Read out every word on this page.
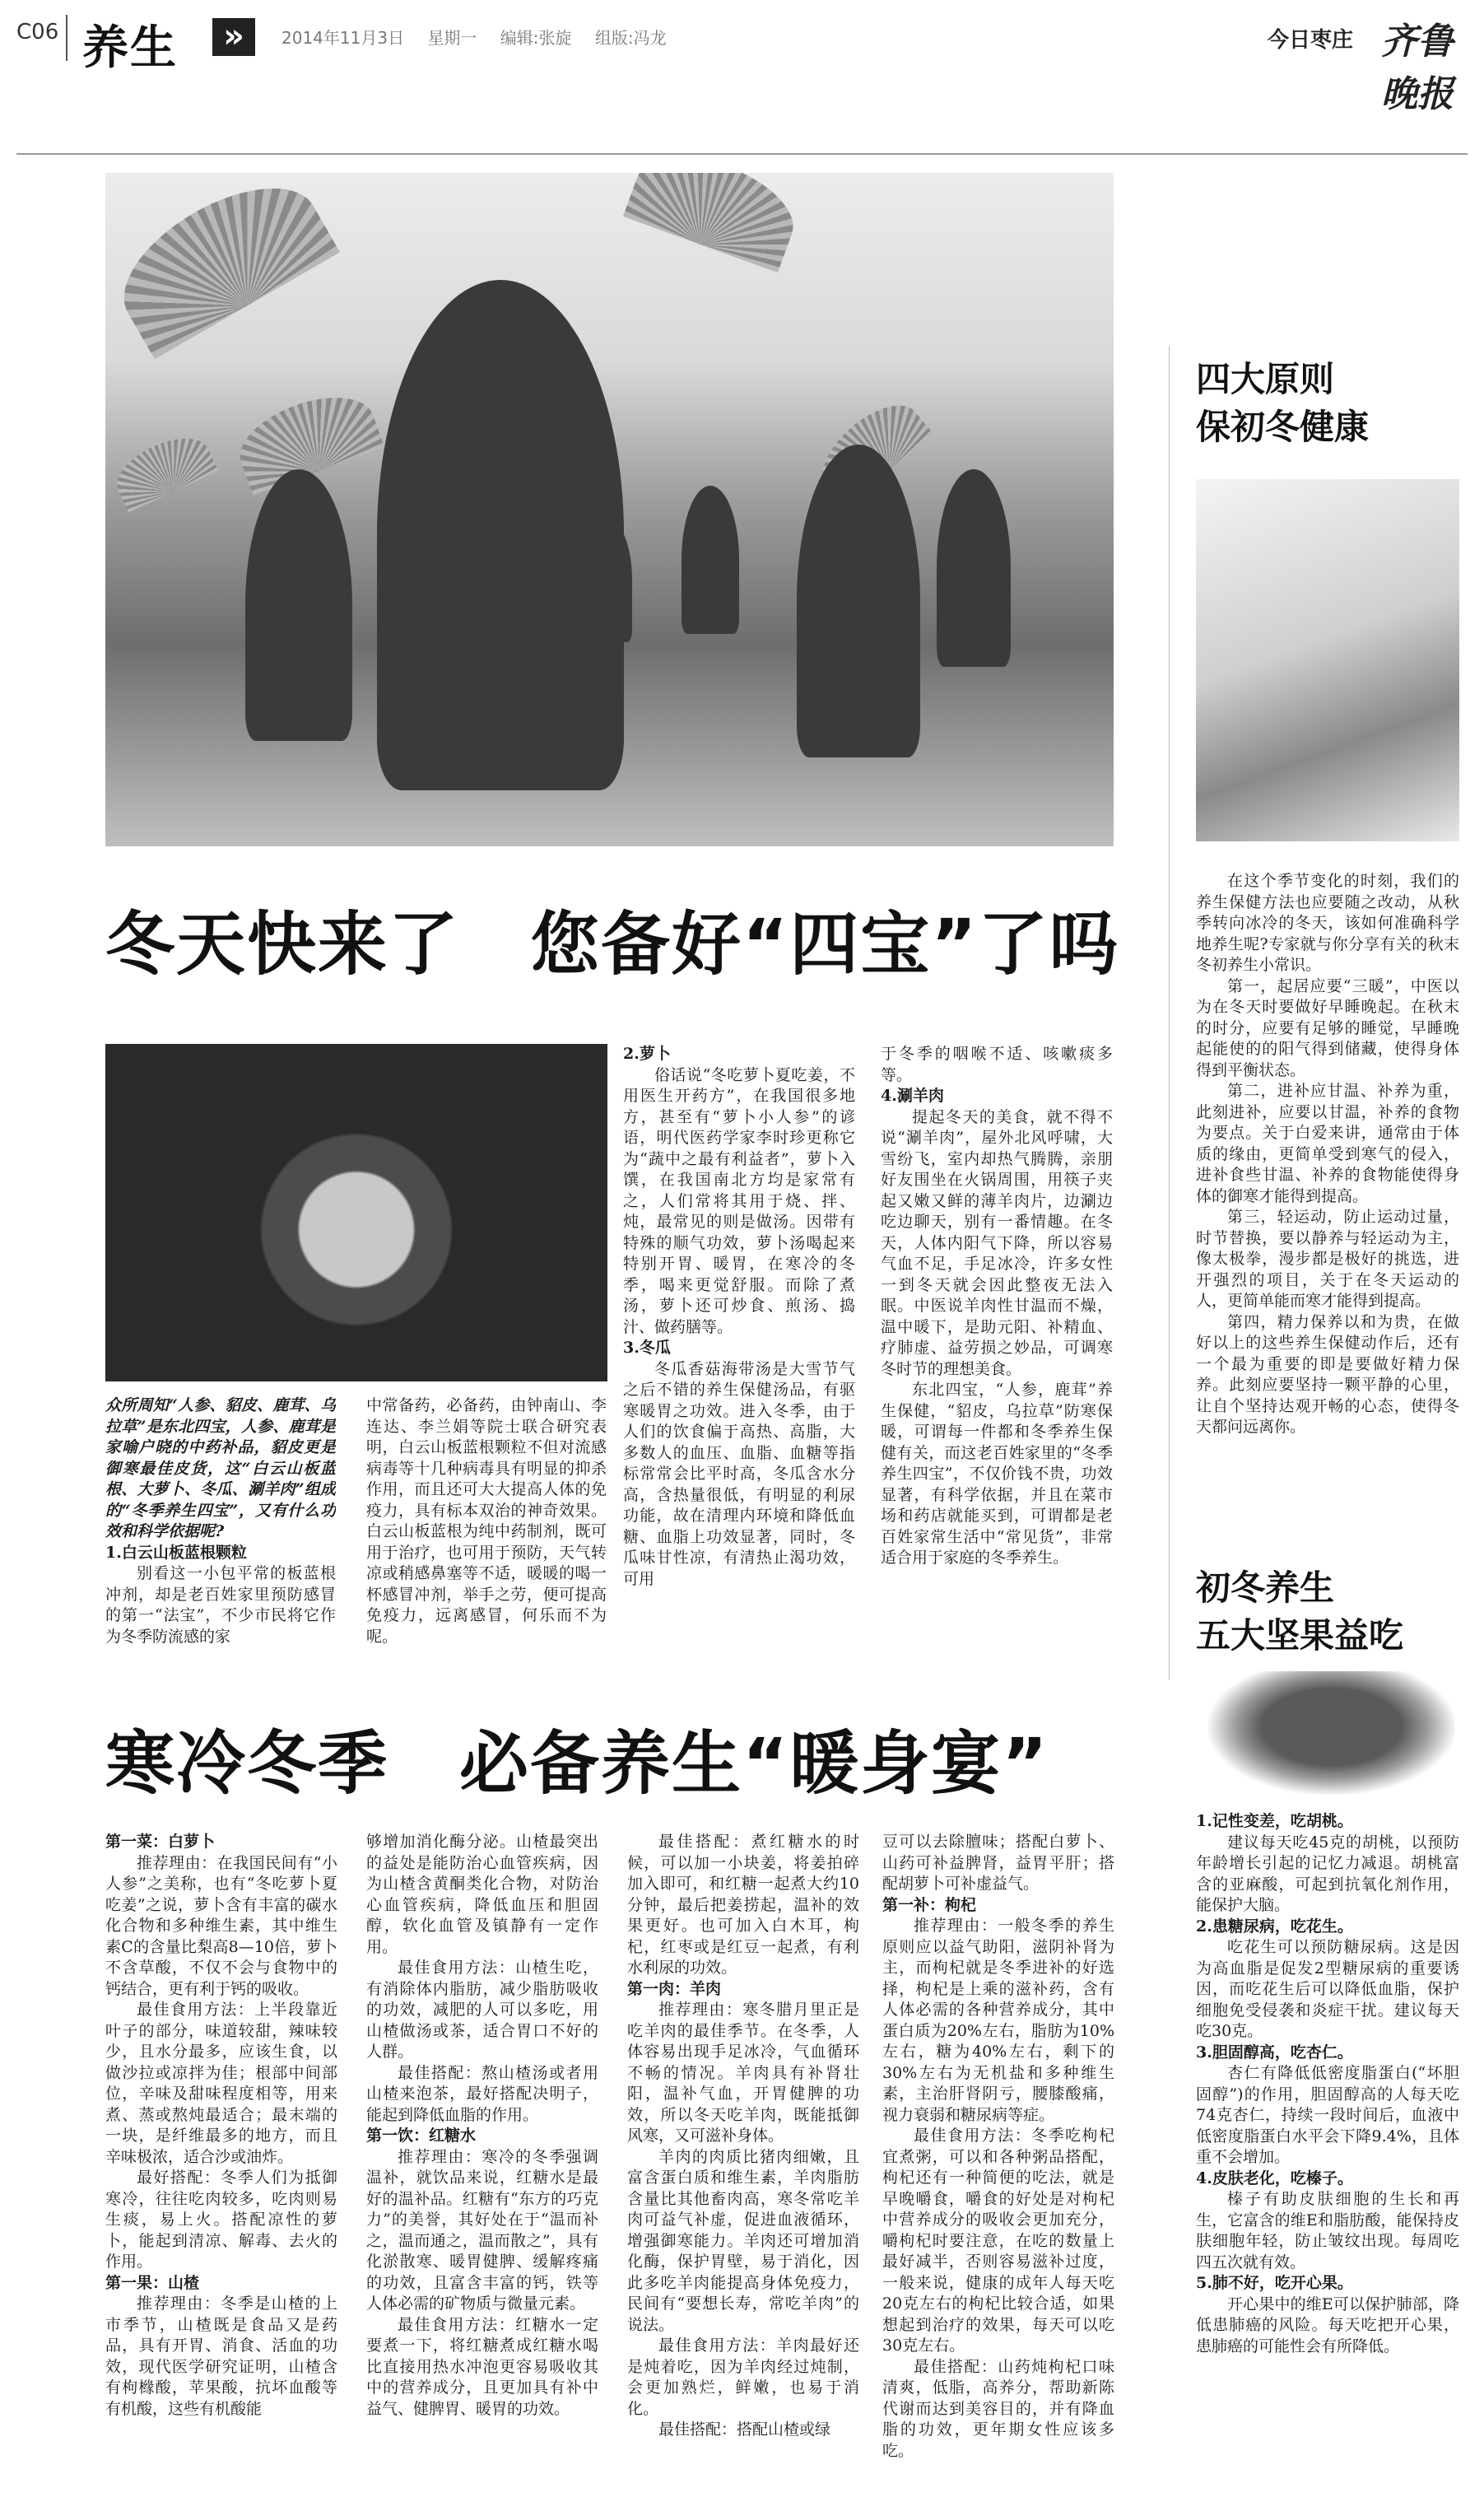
C06 养生	»	2014年11月3日 星期一 编辑:张旋 组版:冯龙	今日枣庄 齐鲁晚报
冬天快来了　您备好“四宝”了吗

众所周知“人参、貂皮、鹿茸、乌拉草”是东北四宝，人参、鹿茸是家喻户晓的中药补品，貂皮更是御寒最佳皮货，这“白云山板蓝根、大萝卜、冬瓜、涮羊肉”组成的“冬季养生四宝”，又有什么功效和科学依据呢?

1.白云山板蓝根颗粒

别看这一小包平常的板蓝根冲剂，却是老百姓家里预防感冒的第一“法宝”，不少市民将它作为冬季防流感的家

中常备药，必备药，由钟南山、李连达、李兰娟等院士联合研究表明，白云山板蓝根颗粒不但对流感病毒等十几种病毒具有明显的抑杀作用，而且还可大大提高人体的免疫力，具有标本双治的神奇效果。白云山板蓝根为纯中药制剂，既可用于治疗，也可用于预防，天气转凉或稍感鼻塞等不适，暖暖的喝一杯感冒冲剂，举手之劳，便可提高免疫力，远离感冒，何乐而不为呢。

2.萝卜

俗话说“冬吃萝卜夏吃姜，不用医生开药方”，在我国很多地方，甚至有“萝卜小人参”的谚语，明代医药学家李时珍更称它为“蔬中之最有利益者”，萝卜入馔，在我国南北方均是家常有之，人们常将其用于烧、拌、炖，最常见的则是做汤。因带有特殊的顺气功效，萝卜汤喝起来特别开胃、暖胃，在寒冷的冬季，喝来更觉舒服。而除了煮汤，萝卜还可炒食、煎汤、捣汁、做药膳等。

3.冬瓜

冬瓜香菇海带汤是大雪节气之后不错的养生保健汤品，有驱寒暖胃之功效。进入冬季，由于人们的饮食偏于高热、高脂，大多数人的血压、血脂、血糖等指标常常会比平时高，冬瓜含水分高，含热量很低，有明显的利尿功能，故在清理内环境和降低血糖、血脂上功效显著，同时，冬瓜味甘性凉，有清热止渴功效，可用

于冬季的咽喉不适、咳嗽痰多等。

4.涮羊肉

提起冬天的美食，就不得不说“涮羊肉”，屋外北风呼啸，大雪纷飞，室内却热气腾腾，亲朋好友围坐在火锅周围，用筷子夹起又嫩又鲜的薄羊肉片，边涮边吃边聊天，别有一番情趣。在冬天，人体内阳气下降，所以容易气血不足，手足冰冷，许多女性一到冬天就会因此整夜无法入眠。中医说羊肉性甘温而不燥，温中暖下，是助元阳、补精血、疗肺虚、益劳损之妙品，可调寒冬时节的理想美食。

东北四宝，“人参，鹿茸”养生保健，“貂皮，乌拉草”防寒保暖，可谓每一件都和冬季养生保健有关，而这老百姓家里的“冬季养生四宝”，不仅价钱不贵，功效显著，有科学依据，并且在菜市场和药店就能买到，可谓都是老百姓家常生活中“常见货”，非常适合用于家庭的冬季养生。

四大原则
保初冬健康

在这个季节变化的时刻，我们的养生保健方法也应要随之改动，从秋季转向冰冷的冬天，该如何准确科学地养生呢?专家就与你分享有关的秋末冬初养生小常识。

第一，起居应要“三暖”，中医以为在冬天时要做好早睡晚起。在秋末的时分，应要有足够的睡觉，早睡晚起能使的的阳气得到储藏，使得身体得到平衡状态。

第二，进补应甘温、补养为重，此刻进补，应要以甘温，补养的食物为要点。关于白爱来讲，通常由于体质的缘由，更简单受到寒气的侵入，进补食些甘温、补养的食物能使得身体的御寒才能得到提高。

第三，轻运动，防止运动过量，时节替换，要以静养与轻运动为主，像太极拳，漫步都是极好的挑选，进开强烈的项目，关于在冬天运动的人，更简单能而寒才能得到提高。

第四，精力保养以和为贵，在做好以上的这些养生保健动作后，还有一个最为重要的即是要做好精力保养。此刻应要坚持一颗平静的心里，让自个坚持达观开畅的心态，使得冬天都问远离你。

初冬养生
五大坚果益吃

1.记性变差，吃胡桃。

建议每天吃45克的胡桃，以预防年龄增长引起的记忆力减退。胡桃富含的亚麻酸，可起到抗氧化剂作用，能保护大脑。

2.患糖尿病，吃花生。

吃花生可以预防糖尿病。这是因为高血脂是促发2型糖尿病的重要诱因，而吃花生后可以降低血脂，保护细胞免受侵袭和炎症干扰。建议每天吃30克。

3.胆固醇高，吃杏仁。

杏仁有降低低密度脂蛋白(“坏胆固醇”)的作用，胆固醇高的人每天吃74克杏仁，持续一段时间后，血液中低密度脂蛋白水平会下降9.4%，且体重不会增加。

4.皮肤老化，吃榛子。

榛子有助皮肤细胞的生长和再生，它富含的维E和脂肪酸，能保持皮肤细胞年轻，防止皱纹出现。每周吃四五次就有效。

5.肺不好，吃开心果。

开心果中的维E可以保护肺部，降低患肺癌的风险。每天吃把开心果，患肺癌的可能性会有所降低。

寒冷冬季　必备养生“暖身宴”

第一菜：白萝卜

推荐理由：在我国民间有“小人参”之美称，也有“冬吃萝卜夏吃姜”之说，萝卜含有丰富的碳水化合物和多种维生素，其中维生素C的含量比梨高8—10倍，萝卜不含草酸，不仅不会与食物中的钙结合，更有利于钙的吸收。

最佳食用方法：上半段靠近叶子的部分，味道较甜，辣味较少，且水分最多，应该生食，以做沙拉或凉拌为佳；根部中间部位，辛味及甜味程度相等，用来煮、蒸或熬炖最适合；最末端的一块，是纤维最多的地方，而且辛味极浓，适合沙或油炸。

最好搭配：冬季人们为抵御寒冷，往往吃肉较多，吃肉则易生痰，易上火。搭配凉性的萝卜，能起到清凉、解毒、去火的作用。

第一果：山楂

推荐理由：冬季是山楂的上市季节，山楂既是食品又是药品，具有开胃、消食、活血的功效，现代医学研究证明，山楂含有枸橼酸，苹果酸，抗坏血酸等有机酸，这些有机酸能

够增加消化酶分泌。山楂最突出的益处是能防治心血管疾病，因为山楂含黄酮类化合物，对防治心血管疾病，降低血压和胆固醇，软化血管及镇静有一定作用。

最佳食用方法：山楂生吃，有消除体内脂肪，减少脂肪吸收的功效，减肥的人可以多吃，用山楂做汤或茶，适合胃口不好的人群。

最佳搭配：熬山楂汤或者用山楂来泡茶，最好搭配决明子，能起到降低血脂的作用。

第一饮：红糖水

推荐理由：寒冷的冬季强调温补，就饮品来说，红糖水是最好的温补品。红糖有“东方的巧克力”的美誉，其好处在于“温而补之，温而通之，温而散之”，具有化淤散寒、暖胃健脾、缓解疼痛的功效，且富含丰富的钙，铁等人体必需的矿物质与微量元素。

最佳食用方法：红糖水一定要煮一下，将红糖煮成红糖水喝比直接用热水冲泡更容易吸收其中的营养成分，且更加具有补中益气、健脾胃、暖胃的功效。

最佳搭配：煮红糖水的时候，可以加一小块姜，将姜拍碎加入即可，和红糖一起煮大约10分钟，最后把姜捞起，温补的效果更好。也可加入白木耳，枸杞，红枣或是红豆一起煮，有利水利尿的功效。

第一肉：羊肉

推荐理由：寒冬腊月里正是吃羊肉的最佳季节。在冬季，人体容易出现手足冰冷，气血循环不畅的情况。羊肉具有补肾壮阳，温补气血，开胃健脾的功效，所以冬天吃羊肉，既能抵御风寒，又可滋补身体。

羊肉的肉质比猪肉细嫩，且富含蛋白质和维生素，羊肉脂肪含量比其他畜肉高，寒冬常吃羊肉可益气补虚，促进血液循环，增强御寒能力。羊肉还可增加消化酶，保护胃壁，易于消化，因此多吃羊肉能提高身体免疫力，民间有“要想长寿，常吃羊肉”的说法。

最佳食用方法：羊肉最好还是炖着吃，因为羊肉经过炖制，会更加熟烂，鲜嫩，也易于消化。

最佳搭配：搭配山楂或绿

豆可以去除膻味；搭配白萝卜、山药可补益脾肾，益胃平肝；搭配胡萝卜可补虚益气。

第一补：枸杞

推荐理由：一般冬季的养生原则应以益气助阳，滋阴补肾为主，而枸杞就是冬季进补的好选择，枸杞是上乘的滋补药，含有人体必需的各种营养成分，其中蛋白质为20%左右，脂肪为10%左右，糖为40%左右，剩下的30%左右为无机盐和多种维生素，主治肝肾阴亏，腰膝酸痛，视力衰弱和糖尿病等症。

最佳食用方法：冬季吃枸杞宜煮粥，可以和各种粥品搭配，枸杞还有一种简便的吃法，就是早晚嚼食，嚼食的好处是对枸杞中营养成分的吸收会更加充分，嚼枸杞时要注意，在吃的数量上最好减半，否则容易滋补过度，一般来说，健康的成年人每天吃20克左右的枸杞比较合适，如果想起到治疗的效果，每天可以吃30克左右。

最佳搭配：山药炖枸杞口味清爽，低脂，高养分，帮助新陈代谢而达到美容目的，并有降血脂的功效，更年期女性应该多吃。
